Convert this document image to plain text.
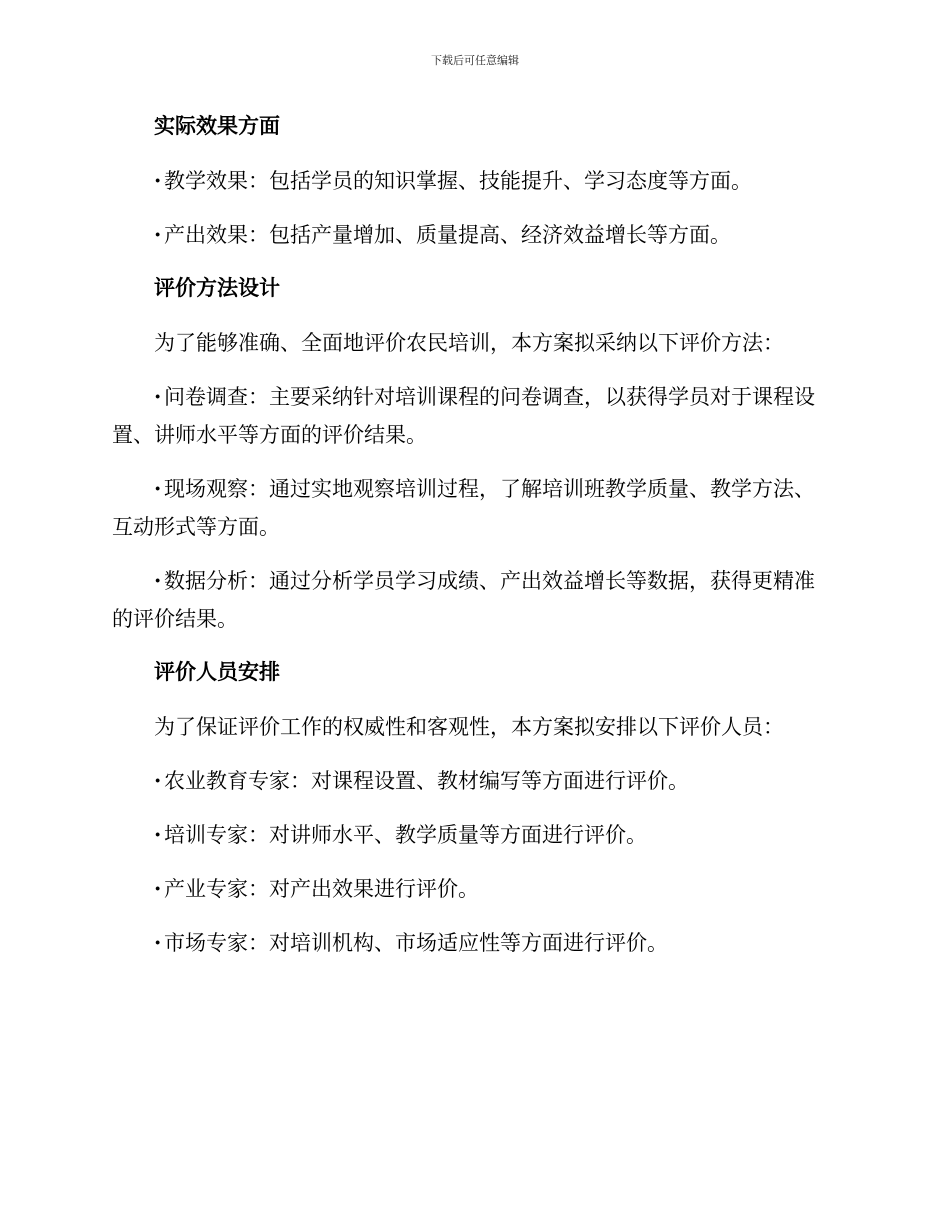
下载后可任意编辑
实际效果方面

· 教学效果：包括学员的知识掌握、技能提升、学习态度等方面。

· 产出效果：包括产量增加、质量提高、经济效益增长等方面。

评价方法设计

为了能够准确、全面地评价农民培训，本方案拟采纳以下评价方法：

· 问卷调查：主要采纳针对培训课程的问卷调查，以获得学员对于课程设置、讲师水平等方面的评价结果。

· 现场观察：通过实地观察培训过程，了解培训班教学质量、教学方法、互动形式等方面。

· 数据分析：通过分析学员学习成绩、产出效益增长等数据，获得更精准的评价结果。

评价人员安排

为了保证评价工作的权威性和客观性，本方案拟安排以下评价人员：

· 农业教育专家：对课程设置、教材编写等方面进行评价。

· 培训专家：对讲师水平、教学质量等方面进行评价。

· 产业专家：对产出效果进行评价。

· 市场专家：对培训机构、市场适应性等方面进行评价。
